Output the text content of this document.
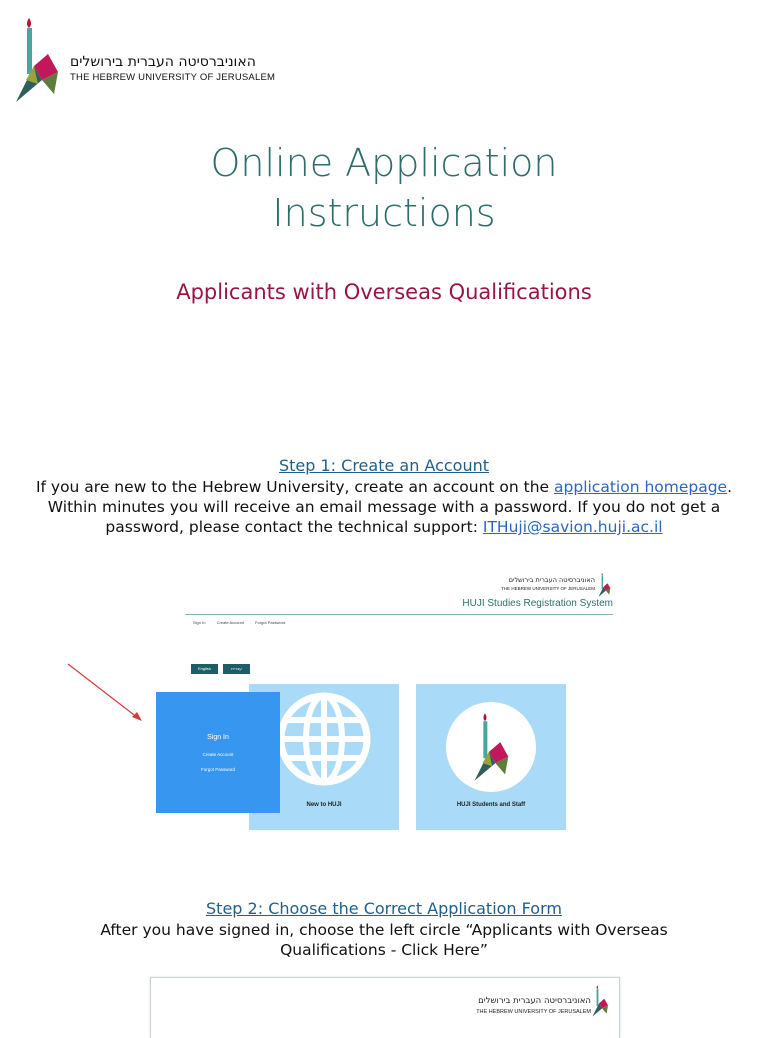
האוניברסיטה העברית בירושלים
THE HEBREW UNIVERSITY OF JERUSALEM
Online Application
Instructions
Applicants with Overseas Qualifications
Step 1: Create an Account
If you are new to the Hebrew University, create an account on the application homepage.
Within minutes you will receive an email message with a password. If you do not get a
password, please contact the technical support: ITHuji@savion.huji.ac.il
האוניברסיטה העברית בירושלים
THE HEBREW UNIVERSITY OF JERUSALEM
HUJI Studies Registration System
Sign In	Create Account	Forgot Password
English	עברית
New to HUJI	HUJI Students and Staff
Sign In
Create Account
Forgot Password
Step 2: Choose the Correct Application Form
After you have signed in, choose the left circle “Applicants with Overseas
Qualifications - Click Here”
האוניברסיטה העברית בירושלים
THE HEBREW UNIVERSITY OF JERUSALEM
